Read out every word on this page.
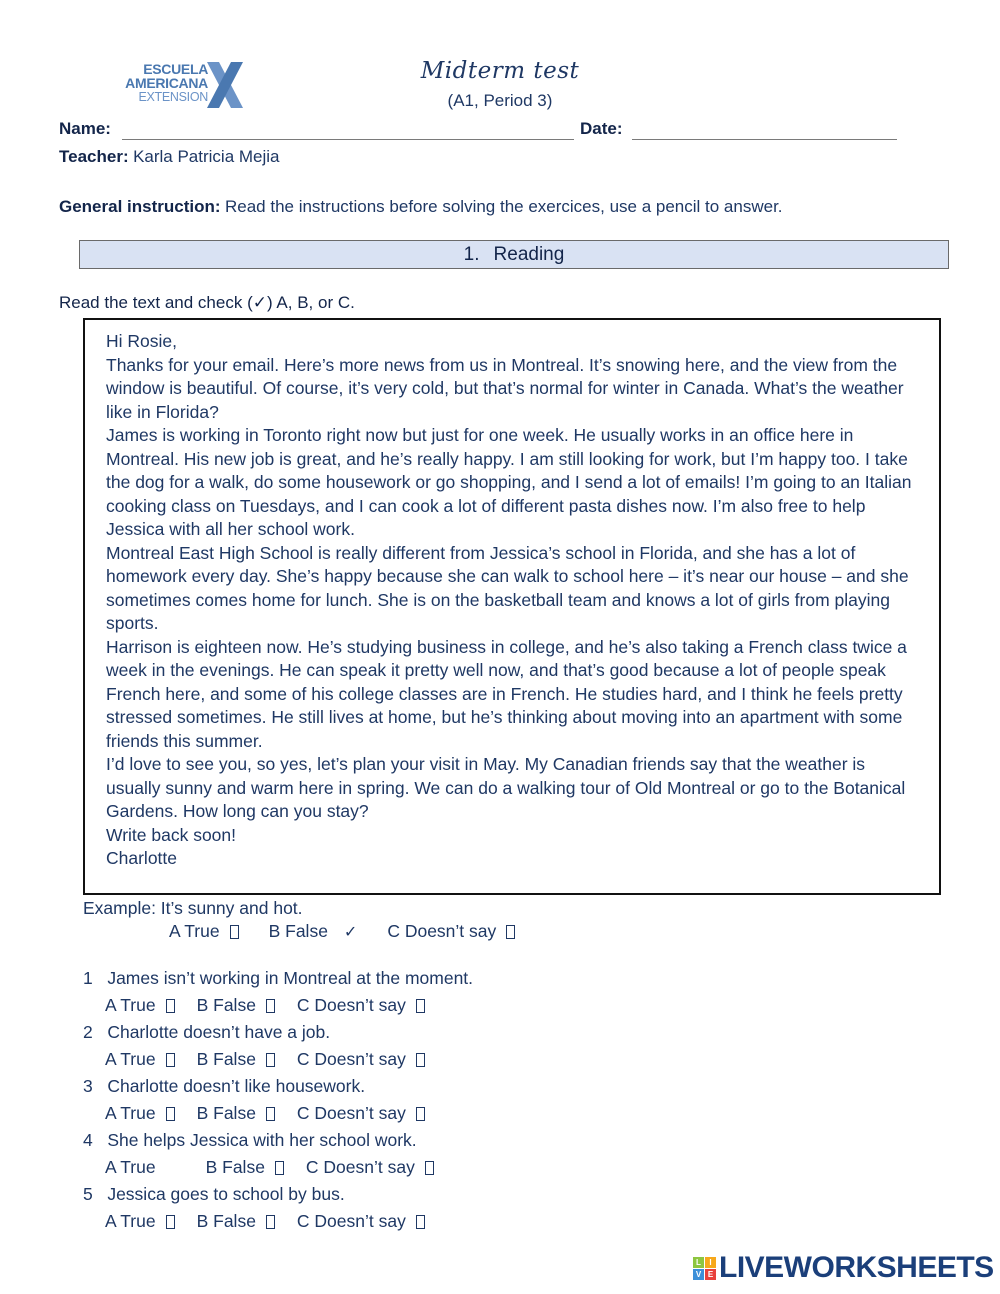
ESCUELA
AMERICANA
EXTENSION
Midterm test
(A1, Period 3)
Name:	Date:
Teacher: Karla Patricia Mejia
General instruction: Read the instructions before solving the exercices, use a pencil to answer.
1. Reading
Read the text and check (✓) A, B, or C.

Hi Rosie,

Thanks for your email. Here’s more news from us in Montreal. It’s snowing here, and the view from the window is beautiful. Of course, it’s very cold, but that’s normal for winter in Canada. What’s the weather like in Florida?

James is working in Toronto right now but just for one week. He usually works in an office here in Montreal. His new job is great, and he’s really happy. I am still looking for work, but I’m happy too. I take the dog for a walk, do some housework or go shopping, and I send a lot of emails! I’m going to an Italian cooking class on Tuesdays, and I can cook a lot of different pasta dishes now. I’m also free to help Jessica with all her school work.

Montreal East High School is really different from Jessica’s school in Florida, and she has a lot of homework every day. She’s happy because she can walk to school here – it’s near our house – and she sometimes comes home for lunch. She is on the basketball team and knows a lot of girls from playing sports.

Harrison is eighteen now. He’s studying business in college, and he’s also taking a French class twice a week in the evenings. He can speak it pretty well now, and that’s good because a lot of people speak French here, and some of his college classes are in French. He studies hard, and I think he feels pretty stressed sometimes. He still lives at home, but he’s thinking about moving into an apartment with some friends this summer.

I’d love to see you, so yes, let’s plan your visit in May. My Canadian friends say that the weather is usually sunny and warm here in spring. We can do a walking tour of Old Montreal or go to the Botanical Gardens. How long can you stay?

Write back soon!

Charlotte

Example: It’s sunny and hot.
A True	B False ✓ C Doesn’t say
1 James isn’t working in Montreal at the moment.
A True B False C Doesn’t say
2 Charlotte doesn’t have a job.
A True B False C Doesn’t say
3 Charlotte doesn’t like housework.
A True B False C Doesn’t say
4 She helps Jessica with her school work.
A True	B False C Doesn’t say
5 Jessica goes to school by bus.
A True B False C Doesn’t say
L	I
V E LIVEWORKSHEETS
